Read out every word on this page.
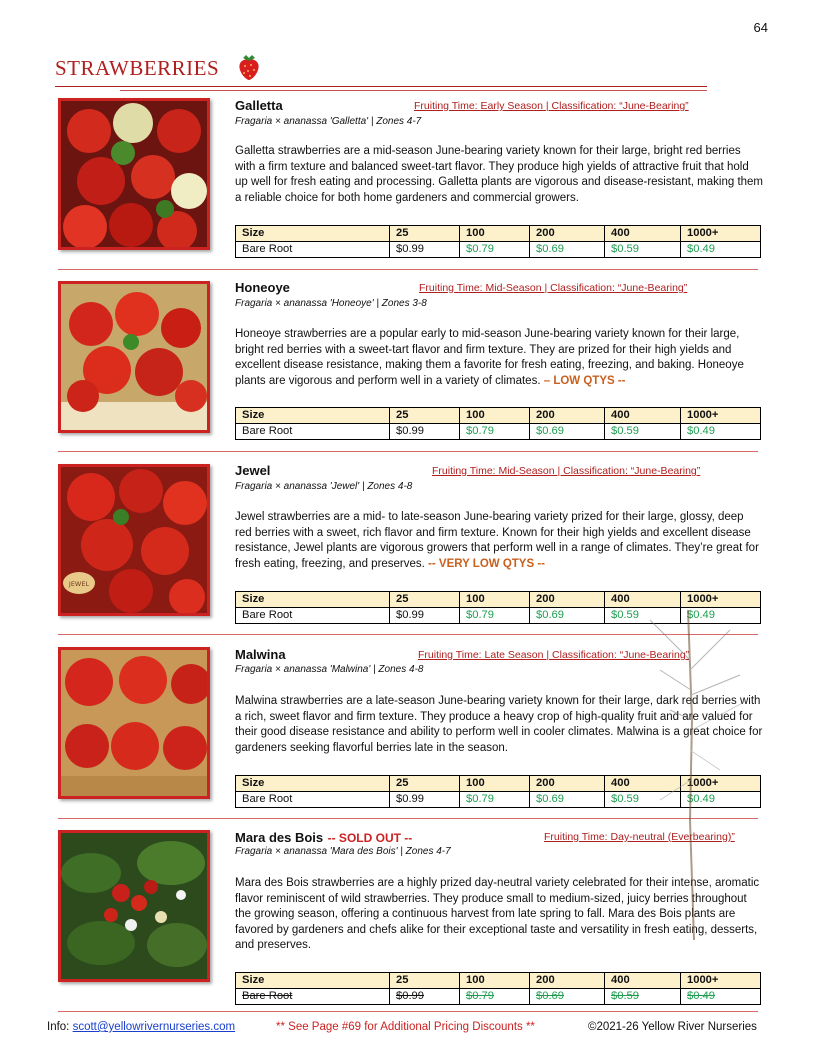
64
STRAWBERRIES
Galletta	Fruiting Time: Early Season | Classification: “June-Bearing”
Fragaria × ananassa 'Galletta' | Zones 4-7
Galletta strawberries are a mid-season June-bearing variety known for their large, bright red berries with a firm texture and balanced sweet-tart flavor. They produce high yields of attractive fruit that hold up well for fresh eating and processing. Galletta plants are vigorous and disease-resistant, making them a reliable choice for both home gardeners and commercial growers.
Size	25	100	200	400	1000+
Bare Root	$0.99	$0.79	$0.69	$0.59	$0.49
Honeoye	Fruiting Time: Mid-Season | Classification: “June-Bearing”
Fragaria × ananassa 'Honeoye' | Zones 3-8
Honeoye strawberries are a popular early to mid-season June-bearing variety known for their large, bright red berries with a sweet-tart flavor and firm texture. They are prized for their high yields and excellent disease resistance, making them a favorite for fresh eating, freezing, and baking. Honeoye plants are vigorous and perform well in a variety of climates. – LOW QTYS --
Size	25	100	200	400	1000+
Bare Root	$0.99	$0.79	$0.69	$0.59	$0.49
JEWEL
Jewel	Fruiting Time: Mid-Season | Classification: “June-Bearing”
Fragaria × ananassa 'Jewel' | Zones 4-8
Jewel strawberries are a mid- to late-season June-bearing variety prized for their large, glossy, deep red berries with a sweet, rich flavor and firm texture. Known for their high yields and excellent disease resistance, Jewel plants are vigorous growers that perform well in a range of climates. They’re great for fresh eating, freezing, and preserves. -- VERY LOW QTYS --
Size	25	100	200	400	1000+
Bare Root	$0.99	$0.79	$0.69	$0.59	$0.49
Malwina	Fruiting Time: Late Season | Classification: “June-Bearing”
Fragaria × ananassa 'Malwina' | Zones 4-8
Malwina strawberries are a late-season June-bearing variety known for their large, dark red berries with a rich, sweet flavor and firm texture. They produce a heavy crop of high-quality fruit and are valued for their good disease resistance and ability to perform well in cooler climates. Malwina is a great choice for gardeners seeking flavorful berries late in the season.
Size	25	100	200	400	1000+
Bare Root	$0.99	$0.79	$0.69	$0.59	$0.49
Mara des Bois -- SOLD OUT --	Fruiting Time: Day-neutral (Everbearing)”
Fragaria × ananassa 'Mara des Bois' | Zones 4-7
Mara des Bois strawberries are a highly prized day-neutral variety celebrated for their intense, aromatic flavor reminiscent of wild strawberries. They produce small to medium-sized, juicy berries throughout the growing season, offering a continuous harvest from late spring to fall. Mara des Bois plants are favored by gardeners and chefs alike for their exceptional taste and versatility in fresh eating, desserts, and preserves.
Size	25	100	200	400	1000+
Bare Root	$0.99	$0.79	$0.69	$0.59	$0.49
Info: scott@yellowrivernurseries.com	** See Page #69 for Additional Pricing Discounts **	©2021-26 Yellow River Nurseries
